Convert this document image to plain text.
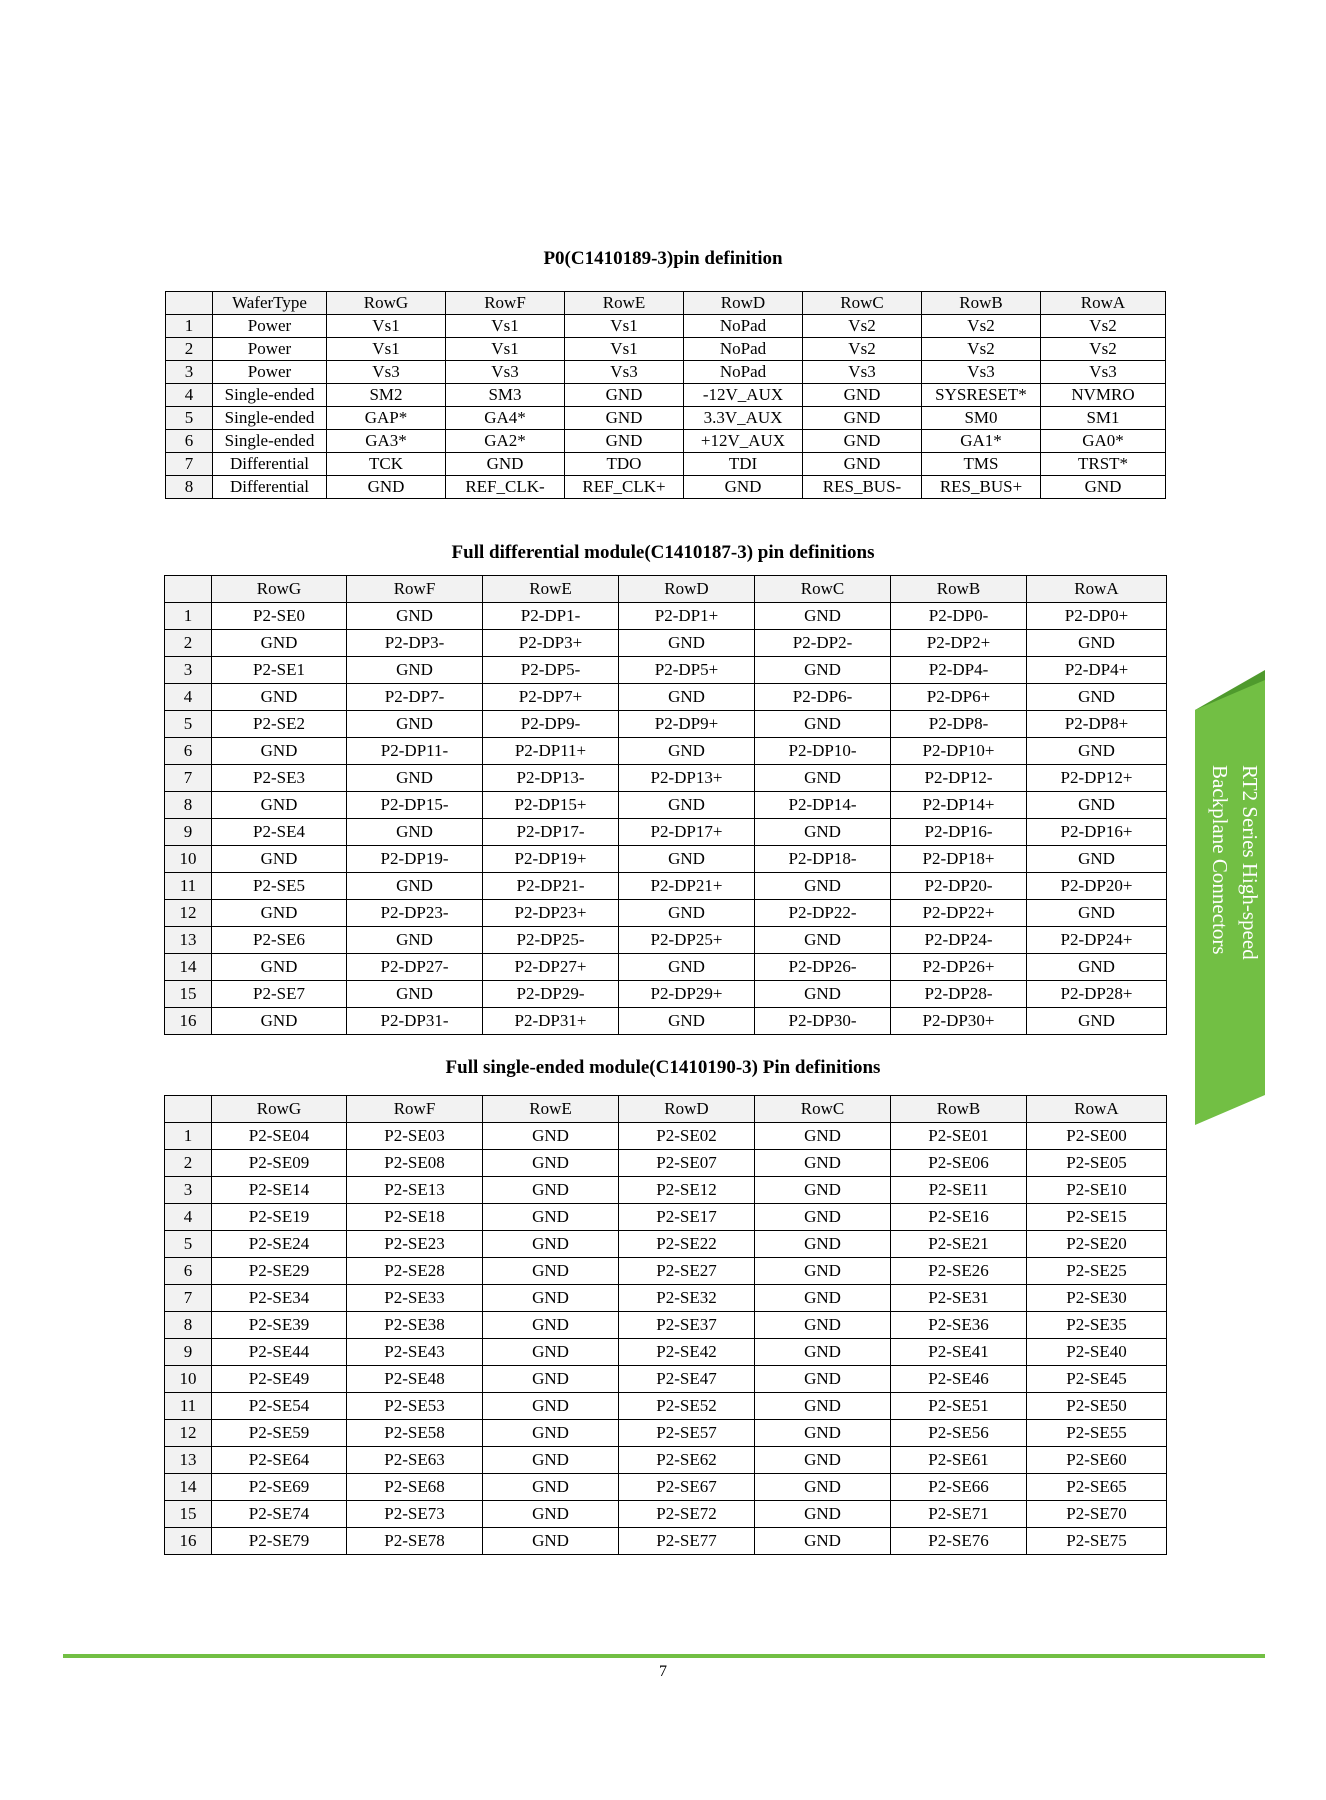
P0(C1410189-3)pin definition
	WaferType	RowG	RowF	RowE	RowD	RowC	RowB	RowA
1	Power	Vs1	Vs1	Vs1	NoPad	Vs2	Vs2	Vs2
2	Power	Vs1	Vs1	Vs1	NoPad	Vs2	Vs2	Vs2
3	Power	Vs3	Vs3	Vs3	NoPad	Vs3	Vs3	Vs3
4	Single-ended	SM2	SM3	GND	-12V_AUX	GND	SYSRESET*	NVMRO
5	Single-ended	GAP*	GA4*	GND	3.3V_AUX	GND	SM0	SM1
6	Single-ended	GA3*	GA2*	GND	+12V_AUX	GND	GA1*	GA0*
7	Differential	TCK	GND	TDO	TDI	GND	TMS	TRST*
8	Differential	GND	REF_CLK-	REF_CLK+	GND	RES_BUS-	RES_BUS+	GND
Full differential module(C1410187-3) pin definitions
	RowG	RowF	RowE	RowD	RowC	RowB	RowA
1	P2-SE0	GND	P2-DP1-	P2-DP1+	GND	P2-DP0-	P2-DP0+
2	GND	P2-DP3-	P2-DP3+	GND	P2-DP2-	P2-DP2+	GND
3	P2-SE1	GND	P2-DP5-	P2-DP5+	GND	P2-DP4-	P2-DP4+
4	GND	P2-DP7-	P2-DP7+	GND	P2-DP6-	P2-DP6+	GND
5	P2-SE2	GND	P2-DP9-	P2-DP9+	GND	P2-DP8-	P2-DP8+
6	GND	P2-DP11-	P2-DP11+	GND	P2-DP10-	P2-DP10+	GND
7	P2-SE3	GND	P2-DP13-	P2-DP13+	GND	P2-DP12-	P2-DP12+
8	GND	P2-DP15-	P2-DP15+	GND	P2-DP14-	P2-DP14+	GND
9	P2-SE4	GND	P2-DP17-	P2-DP17+	GND	P2-DP16-	P2-DP16+
10	GND	P2-DP19-	P2-DP19+	GND	P2-DP18-	P2-DP18+	GND
11	P2-SE5	GND	P2-DP21-	P2-DP21+	GND	P2-DP20-	P2-DP20+
12	GND	P2-DP23-	P2-DP23+	GND	P2-DP22-	P2-DP22+	GND
13	P2-SE6	GND	P2-DP25-	P2-DP25+	GND	P2-DP24-	P2-DP24+
14	GND	P2-DP27-	P2-DP27+	GND	P2-DP26-	P2-DP26+	GND
15	P2-SE7	GND	P2-DP29-	P2-DP29+	GND	P2-DP28-	P2-DP28+
16	GND	P2-DP31-	P2-DP31+	GND	P2-DP30-	P2-DP30+	GND
Full single-ended module(C1410190-3) Pin definitions
	RowG	RowF	RowE	RowD	RowC	RowB	RowA
1	P2-SE04	P2-SE03	GND	P2-SE02	GND	P2-SE01	P2-SE00
2	P2-SE09	P2-SE08	GND	P2-SE07	GND	P2-SE06	P2-SE05
3	P2-SE14	P2-SE13	GND	P2-SE12	GND	P2-SE11	P2-SE10
4	P2-SE19	P2-SE18	GND	P2-SE17	GND	P2-SE16	P2-SE15
5	P2-SE24	P2-SE23	GND	P2-SE22	GND	P2-SE21	P2-SE20
6	P2-SE29	P2-SE28	GND	P2-SE27	GND	P2-SE26	P2-SE25
7	P2-SE34	P2-SE33	GND	P2-SE32	GND	P2-SE31	P2-SE30
8	P2-SE39	P2-SE38	GND	P2-SE37	GND	P2-SE36	P2-SE35
9	P2-SE44	P2-SE43	GND	P2-SE42	GND	P2-SE41	P2-SE40
10	P2-SE49	P2-SE48	GND	P2-SE47	GND	P2-SE46	P2-SE45
11	P2-SE54	P2-SE53	GND	P2-SE52	GND	P2-SE51	P2-SE50
12	P2-SE59	P2-SE58	GND	P2-SE57	GND	P2-SE56	P2-SE55
13	P2-SE64	P2-SE63	GND	P2-SE62	GND	P2-SE61	P2-SE60
14	P2-SE69	P2-SE68	GND	P2-SE67	GND	P2-SE66	P2-SE65
15	P2-SE74	P2-SE73	GND	P2-SE72	GND	P2-SE71	P2-SE70
16	P2-SE79	P2-SE78	GND	P2-SE77	GND	P2-SE76	P2-SE75
RT2 Series High-speed
Backplane Connectors
7
